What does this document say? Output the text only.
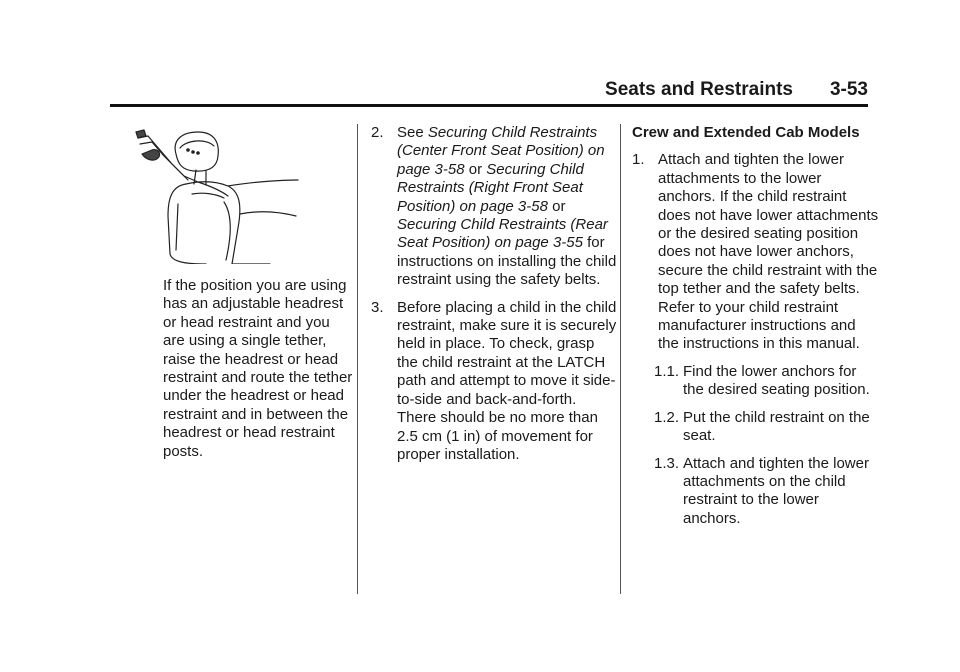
Seats and Restraints 3-53

If the position you are using has an adjustable headrest or head restraint and you are using a single tether, raise the headrest or head restraint and route the tether under the headrest or head restraint and in between the headrest or head restraint posts.

2. See Securing Child Restraints (Center Front Seat Position) on page 3-58 or Securing Child Restraints (Right Front Seat Position) on page 3-58 or Securing Child Restraints (Rear Seat Position) on page 3-55 for instructions on installing the child restraint using the safety belts.

3. Before placing a child in the child restraint, make sure it is securely held in place. To check, grasp the child restraint at the LATCH path and attempt to move it side-to-side and back-and-forth. There should be no more than 2.5 cm (1 in) of movement for proper installation.

Crew and Extended Cab Models
1. Attach and tighten the lower attachments to the lower anchors. If the child restraint does not have lower attachments or the desired seating position does not have lower anchors, secure the child restraint with the top tether and the safety belts. Refer to your child restraint manufacturer instructions and the instructions in this manual.

1.1. Find the lower anchors for the desired seating position.

1.2. Put the child restraint on the seat.

1.3. Attach and tighten the lower attachments on the child restraint to the lower anchors.
